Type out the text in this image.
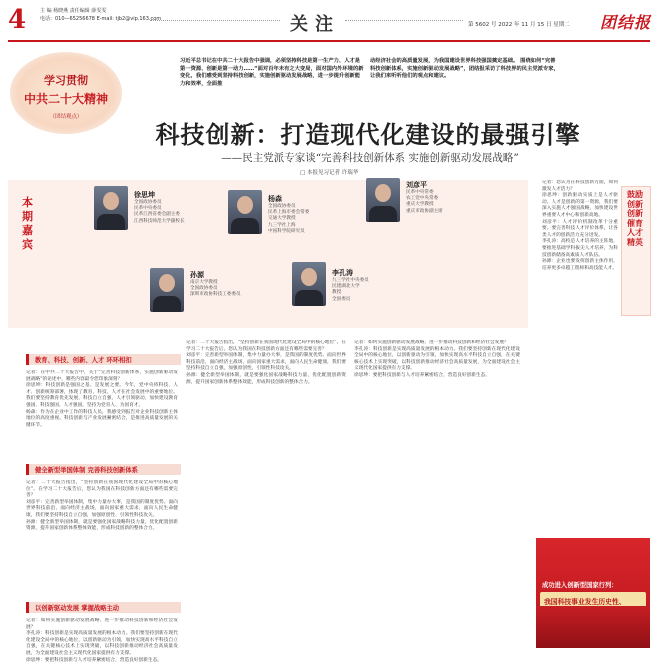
4	主 编 杨晓燕 责任编辑 薛雯雯
电话：010—65256678 E-mail: tjb2@vip.163.com	关注	第 5602 号 2022 年 11 月 15 日 星期二 团结报
学习贯彻
中共二十大精神
（团结观点）
习近平总书记在中共二十大报告中强调，必须坚持科技是第一生产力、人才是第一资源、创新是第一动力……“面对百年未有之大变局，面对国内外环境的新变化，我们感受到坚持科技创新，实施创新驱动发展战略，进一步提升创新能力和效率，全面推
动经济社会的高质量发展，为我国建设世界科技强国奠定基础。 围绕如何“完善科技创新体系，实施创新驱动发展战略”，团结报采访了科技界的民主党派专家，让我们来听听他们的观点和建议。
科技创新：打造现代化建设的最强引擎
——民主党派专家谈“完善科技创新体系 实施创新驱动发展战略”
□ 本报见习记者 许瑞华
本期嘉宾
徐思坤
全国政协委员
民革中央委员
民革江西省委会副主委
江西科技师范大学副校长
杨森
全国政协委员
民革上海市委会常委
交通大学教授
九三学社上海
中国科学院研究员
刘彦平
民革中央常委
农工党中央常委
重庆大学教授
重庆市政协副主席
孙源
南京大学教授
全国政协委员
深圳市政协科技工委委员
李孔涛
九三学社中央委员
民建湖北大学
教授
全国委员
教育、科技、创新、人才 环环相扣
记者：在中共二十大报告中，关于“完善科技创新体系，实施创新驱动发展战略”的论述中，哪些内容最令您印象深刻？
徐思坤：科技创新是强国之基、是发展之要。今年，党中央将科技、人才、创新统筹部署，体现了教育、科技、人才在社会发展中的重要地位。我们要坚持教育优先发展、科技自立自强、人才引领驱动，加快建设教育强国、科技强国、人才强国，坚持为党育人、为国育才。
杨森：作为在企业中工作的科技人员，我感受到报告对企业科技创新主体地位的高度重视。科技创新与产业发展紧密结合，是推进高质量发展的关键环节。
健全新型举国体制 完善科技创新体系
记者：二十大报告指出，“坚持创新在我国现代化建设全局中的核心地位”。在学习二十大报告后，您认为我国在科技创新方面还有哪些需要完善？
刘彦平：完善新型举国体制，集中力量办大事，是我国的制度优势。面向世界科技前沿，面向经济主战场，面向国家重大需求，面向人民生命健康，我们要坚持科技自立自强，加强原创性、引领性科技攻关。
孙源：健全新型举国体制，就是要强化国家战略科技力量，优化配置创新资源，提升国家创新体系整体效能，形成科技创新的整体合力。
以创新驱动发展 掌握战略主动
记者：如何实施创新驱动发展战略，进一步推动科技创新和经济社会发展？
李孔涛：科技创新是实现高质量发展的根本动力。我们要坚持创新在现代化建设全局中的核心地位，以创新驱动为引领，加快实现高水平科技自立自强，在关键核心技术上实现突破，以科技创新推动经济社会高质量发展，为全面建设社会主义现代化国家提供有力支撑。
徐思坤：要把科技创新与人才培养紧密结合，营造良好创新生态。
记者：二十大报告指出，“坚持创新在我国现代化建设全局中的核心地位”。在学习二十大报告后，您认为我国在科技创新方面还有哪些需要完善？
刘彦平：完善新型举国体制，集中力量办大事，是我国的制度优势。面向世界科技前沿，面向经济主战场，面向国家重大需求，面向人民生命健康，我们要坚持科技自立自强，加强原创性、引领性科技攻关。
孙源：健全新型举国体制，就是要强化国家战略科技力量，优化配置创新资源，提升国家创新体系整体效能，形成科技创新的整体合力。
记者：如何实施创新驱动发展战略，进一步推动科技创新和经济社会发展？
李孔涛：科技创新是实现高质量发展的根本动力。我们要坚持创新在现代化建设全局中的核心地位，以创新驱动为引领，加快实现高水平科技自立自强，在关键核心技术上实现突破，以科技创新推动经济社会高质量发展，为全面建设社会主义现代化国家提供有力支撑。
徐思坤：要把科技创新与人才培养紧密结合，营造良好创新生态。
记者：您认为在科技创新方面，如何激发人才活力？
徐思坤：创新驱动实质上是人才驱动。人才是创新的第一资源，我们要深入实施人才强国战略，加快建设世界重要人才中心和创新高地。
刘彦平：人才评价机制改革十分重要。要完善科技人才评价体系，让各类人才的创新活力充分迸发。
李孔涛：高校是人才培养的主阵地，要推进基础学科拔尖人才培养，为科技创新储备高素质人才队伍。
孙源：企业也要发挥创新主体作用，培养更多卓越工程师和高技能人才。
鼓励创新创新 催育人才精英
成功进入创新型国家行列：
我国科技事业发生历史性、
